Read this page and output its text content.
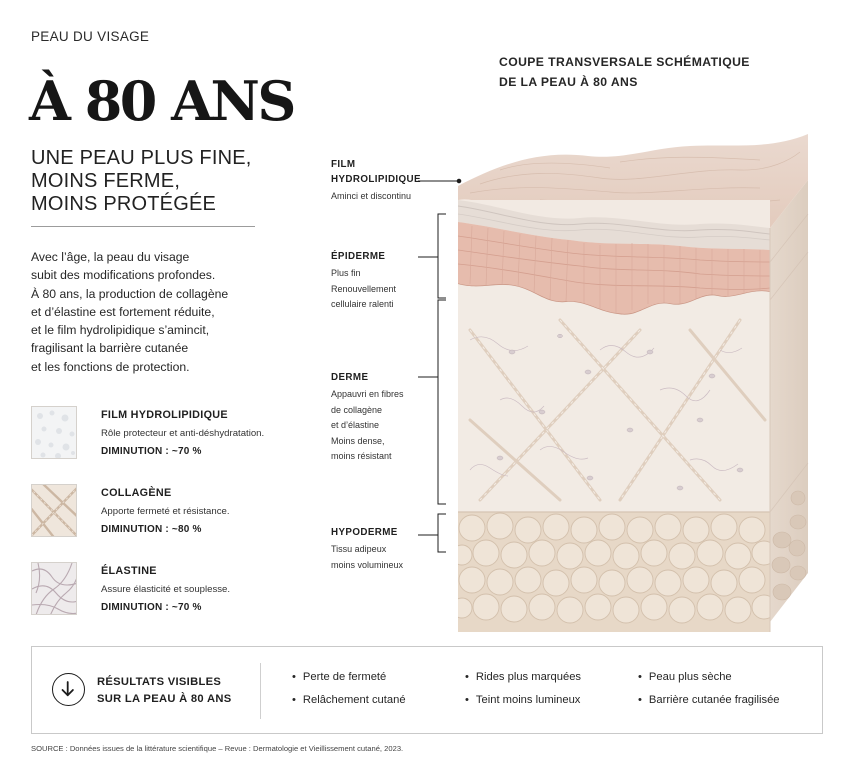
PEAU DU VISAGE
À 80 ANS
UNE PEAU PLUS FINE,
MOINS FERME,
MOINS PROTÉGÉE
Avec l’âge, la peau du visage
subit des modifications profondes.
À 80 ans, la production de collagène
et d’élastine est fortement réduite,
et le film hydrolipidique s’amincit,
fragilisant la barrière cutanée
et les fonctions de protection.
FILM HYDROLIPIDIQUE
Rôle protecteur et anti-déshydratation.
DIMINUTION : ~70 %
COLLAGÈNE
Apporte fermeté et résistance.
DIMINUTION : ~80 %
ÉLASTINE
Assure élasticité et souplesse.
DIMINUTION : ~70 %
COUPE TRANSVERSALE SCHÉMATIQUE
DE LA PEAU À 80 ANS
FILM
HYDROLIPIDIQUE
Aminci et discontinu
ÉPIDERME
Plus fin
Renouvellement
cellulaire ralenti
DERME
Appauvri en fibres
de collagène
et d’élastine
Moins dense,
moins résistant
HYPODERME
Tissu adipeux
moins volumineux
RÉSULTATS VISIBLES
SUR LA PEAU À 80 ANS
• Perte de fermeté
• Relâchement cutané
• Rides plus marquées
• Teint moins lumineux
• Peau plus sèche
• Barrière cutanée fragilisée
SOURCE : Données issues de la littérature scientifique – Revue : Dermatologie et Vieillissement cutané, 2023.
